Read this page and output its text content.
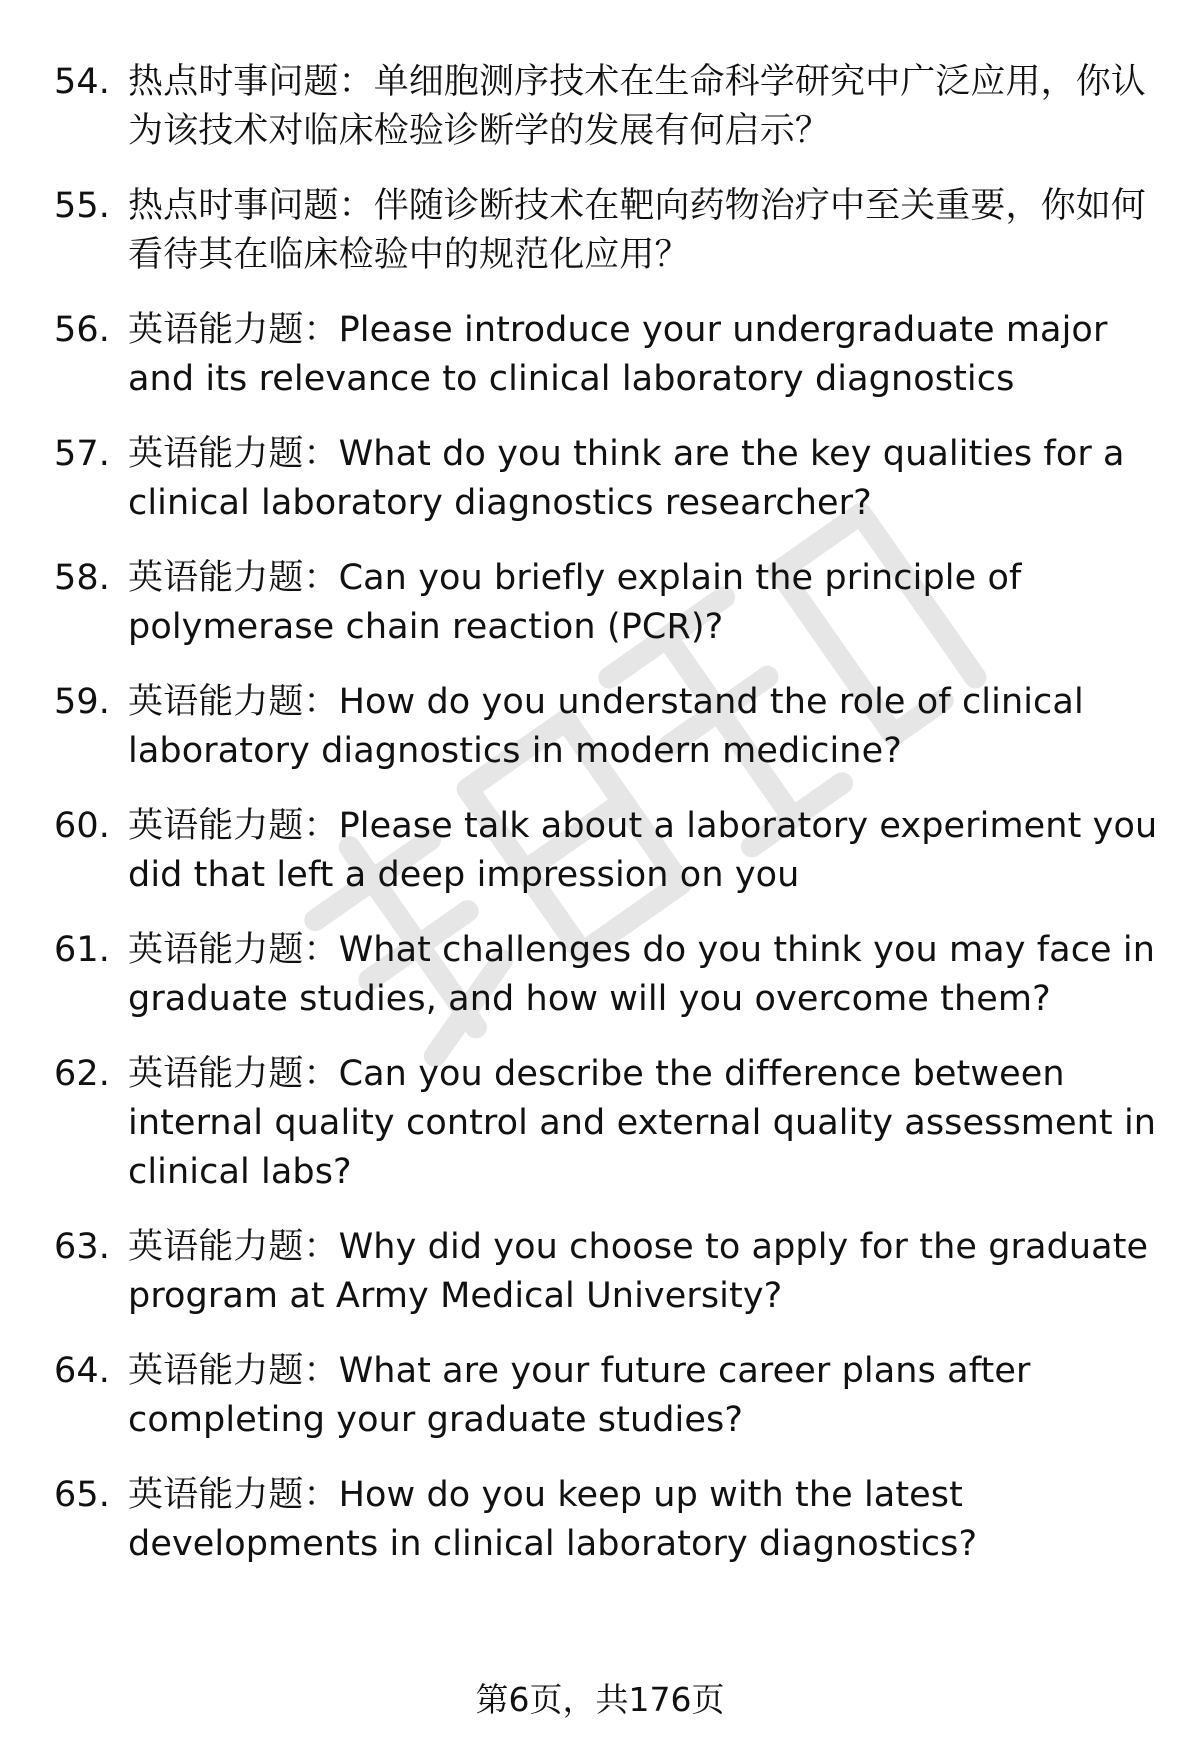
54. 热点时事问题：单细胞测序技术在生命科学研究中广泛应用，你认为该技术对临床检验诊断学的发展有何启示？
55. 热点时事问题：伴随诊断技术在靶向药物治疗中至关重要，你如何看待其在临床检验中的规范化应用？
56. 英语能力题：Please introduce your undergraduate major and its relevance to clinical laboratory diagnostics
57. 英语能力题：What do you think are the key qualities for a clinical laboratory diagnostics researcher?
58. 英语能力题：Can you briefly explain the principle of polymerase chain reaction (PCR)?
59. 英语能力题：How do you understand the role of clinical laboratory diagnostics in modern medicine?
60. 英语能力题：Please talk about a laboratory experiment you did that left a deep impression on you
61. 英语能力题：What challenges do you think you may face in graduate studies, and how will you overcome them?
62. 英语能力题：Can you describe the difference between internal quality control and external quality assessment in clinical labs?
63. 英语能力题：Why did you choose to apply for the graduate program at Army Medical University?
64. 英语能力题：What are your future career plans after completing your graduate studies?
65. 英语能力题：How do you keep up with the latest developments in clinical laboratory diagnostics?
第6页，共176页
